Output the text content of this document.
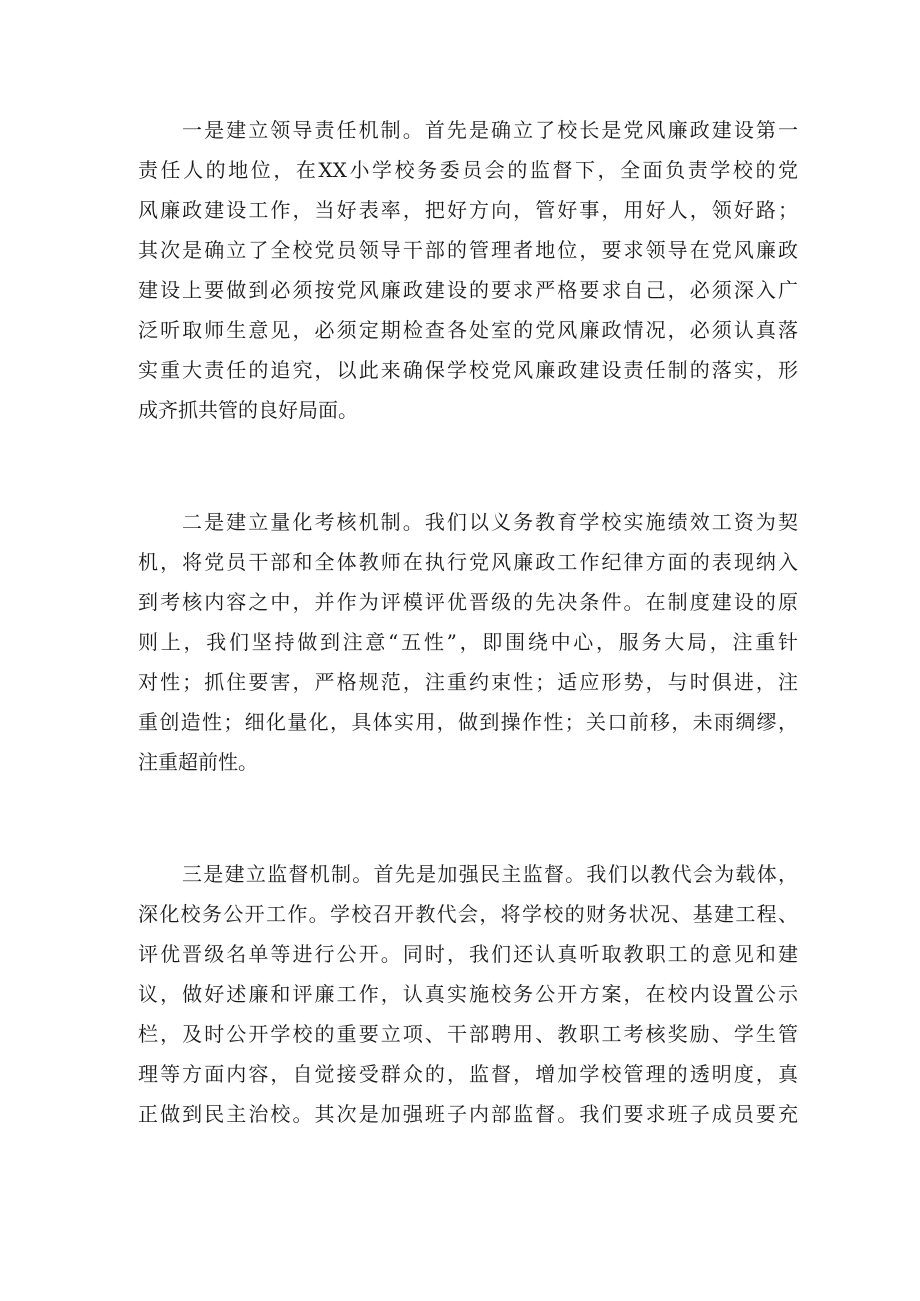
一是建立领导责任机制。首先是确立了校长是党风廉政建设第一
责任人的地位，在XX小学校务委员会的监督下，全面负责学校的党
风廉政建设工作，当好表率，把好方向，管好事，用好人，领好路；
其次是确立了全校党员领导干部的管理者地位，要求领导在党风廉政
建设上要做到必须按党风廉政建设的要求严格要求自己，必须深入广
泛听取师生意见，必须定期检查各处室的党风廉政情况，必须认真落
实重大责任的追究，以此来确保学校党风廉政建设责任制的落实，形
成齐抓共管的良好局面。
二是建立量化考核机制。我们以义务教育学校实施绩效工资为契
机，将党员干部和全体教师在执行党风廉政工作纪律方面的表现纳入
到考核内容之中，并作为评模评优晋级的先决条件。在制度建设的原
则上，我们坚持做到注意“五性”，即围绕中心，服务大局，注重针
对性；抓住要害，严格规范，注重约束性；适应形势，与时俱进，注
重创造性；细化量化，具体实用，做到操作性；关口前移，未雨绸缪，
注重超前性。
三是建立监督机制。首先是加强民主监督。我们以教代会为载体，
深化校务公开工作。学校召开教代会，将学校的财务状况、基建工程、
评优晋级名单等进行公开。同时，我们还认真听取教职工的意见和建
议，做好述廉和评廉工作，认真实施校务公开方案，在校内设置公示
栏，及时公开学校的重要立项、干部聘用、教职工考核奖励、学生管
理等方面内容，自觉接受群众的，监督，增加学校管理的透明度，真
正做到民主治校。其次是加强班子内部监督。我们要求班子成员要充
